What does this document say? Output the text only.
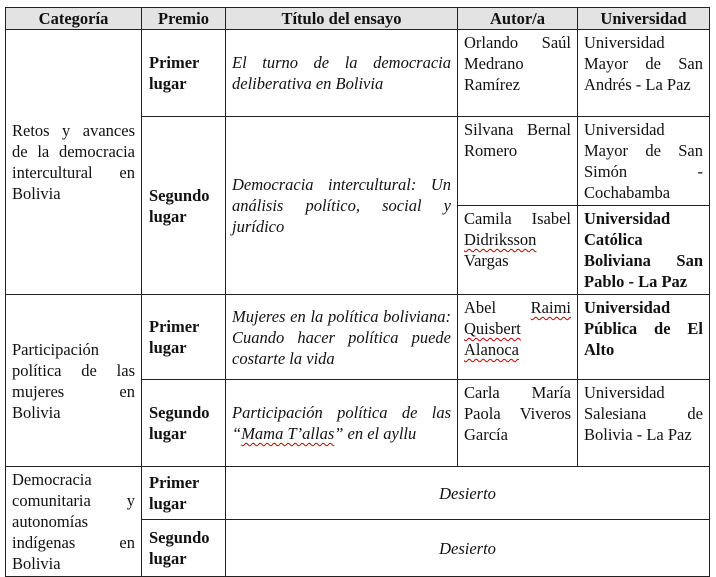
Categoría	Premio	Título del ensayo	Autor/a	Universidad
Retos y avances de la democracia intercultural en Bolivia	Primer lugar	El turno de la democracia deliberativa en Bolivia	Orlando Saúl Medrano Ramírez	Universidad Mayor de San Andrés - La Paz
	Segundo lugar	Democracia intercultural: Un análisis político, social y jurídico	Silvana Bernal Romero	Universidad Mayor de San Simón - Cochabamba
			Camila Isabel Didriksson Vargas	Universidad Católica Boliviana San Pablo - La Paz
Participación política de las mujeres en Bolivia	Primer lugar	Mujeres en la política boliviana: Cuando hacer política puede costarte la vida	Abel Raimi Quisbert Alanoca	Universidad Pública de El Alto
	Segundo lugar	Participación política de las “Mama T’allas” en el ayllu	Carla María Paola Viveros García	Universidad Salesiana de Bolivia - La Paz
Democracia comunitaria y autonomías indígenas en Bolivia	Primer lugar	Desierto		
	Segundo lugar	Desierto		
